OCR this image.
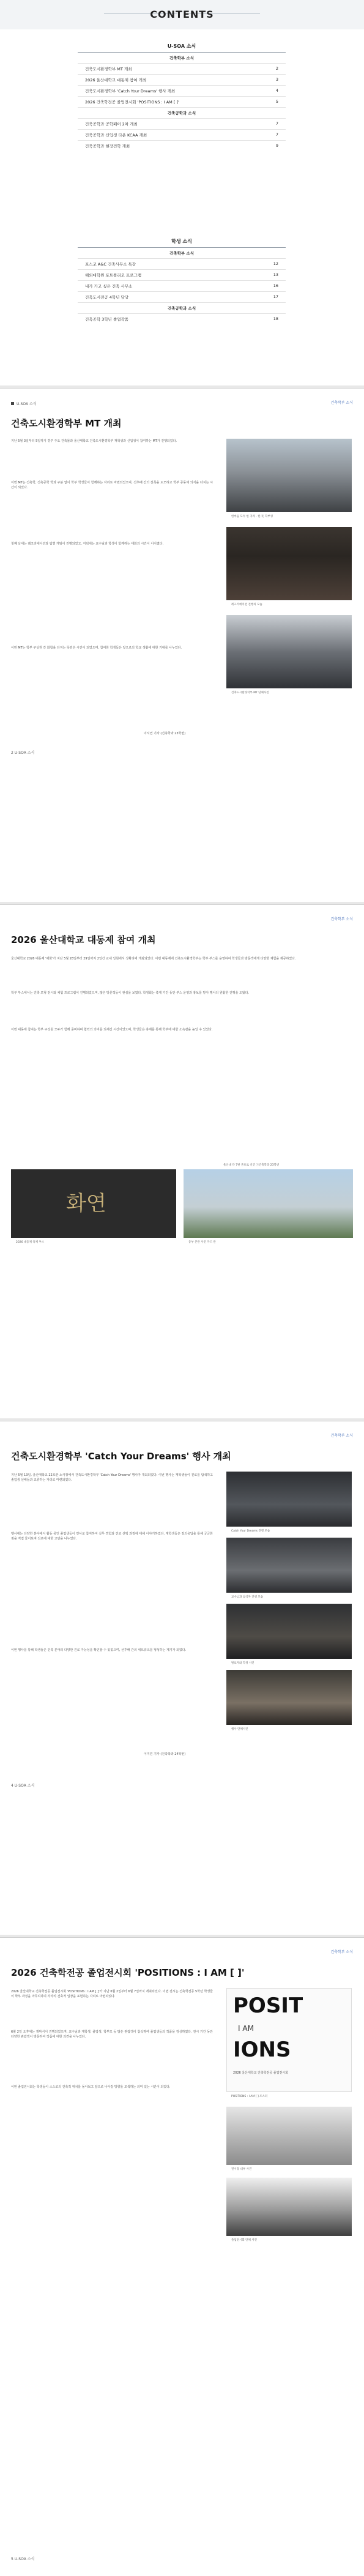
CONTENTS
U-SOA 소식
건축학부 소식
건축도시환경학부 MT 개최	2
2026 울산대학교 대동제 참여 개최	3
건축도시환경학부 'Catch Your Dreams' 행사 개최	4
2026 건축학전공 졸업전시회 'POSITIONS : I AM [ ]'	5
건축공학과 소식
건축공학과 공학페어 2차 개최	7
건축공학과 신입생 다운 KCAA 개최	7
건축공학과 현장견학 개최	9
학생 소식
건축학부 소식
포스코 A&C 건축사무소 특강	12
해외대학원 포트폴리오 프로그램	13
내가 가고 싶은 건축 사무소	16
건축도시전공 4학년 담당	17
건축공학과 소식
건축공학 3학년 졸업작품	18
U-SOA 소식	건축학부 소식
건축도시환경학부 MT 개최
지난 5월 3일부터 5일까지 경주 주요 건축물과 울산대학교 건축도시환경학부 재학생과 신입생이 참여하는 MT가 진행되었다.
이번 MT는 건축학, 건축공학 학과 구분 없이 학부 학생들이 함께하는 자리로 마련되었으며, 선후배 간의 친목을 도모하고 학부 공동체 의식을 다지는 시간이 되었다.
첫째 날에는 레크리에이션과 팀별 게임이 진행되었고, 저녁에는 교수님과 학생이 함께하는 대화의 시간이 이어졌다.
이번 MT는 학부 구성원 간 화합을 다지는 뜻깊은 시간이 되었으며, 참여한 학생들은 앞으로의 학교 생활에 대한 기대를 나누었다.
한마음 모두 한 자리 · 한 뜻 학부생
레크리에이션 진행의 모습
건축도시환경학부 MT 단체사진
이서연 기자 (건축학과 23학번)
2 U-SOA 소식
건축학부 소식
2026 울산대학교 대동제 참여 개최
울산대학교 2026 대동제 '해화'가 지난 5월 28일부터 29일까지 2일간 교내 일원에서 성황리에 개최되었다. 이번 대동제에 건축도시환경학부는 학부 부스를 운영하여 학생들과 방문객에게 다양한 체험을 제공하였다.
학부 부스에서는 건축 모형 전시와 체험 프로그램이 진행되었으며, 많은 방문객들이 관심을 보였다. 학생회는 축제 기간 동안 부스 운영과 홍보를 맡아 행사의 원활한 진행을 도왔다.
이번 대동제 참여는 학부 구성원 모두가 함께 준비하며 협력의 의미를 되새긴 시간이었으며, 학생들은 축제를 통해 학부에 대한 소속감을 높일 수 있었다.
울산대 다 7판 본프로 신건 ⓒ건축학과 23학번
화연
2026 대동제 축제 부스	동부 본관 사진 카드 관
건축학부 소식
건축도시환경학부 'Catch Your Dreams' 행사 개최
지난 5월 13일, 울산대학교 22호관 소극장에서 건축도시환경학부 'Catch Your Dreams' 행사가 개최되었다. 이번 행사는 재학생들이 진로를 탐색하고 졸업생 선배들과 교류하는 자리로 마련되었다.
행사에는 다양한 분야에서 활동 중인 졸업생들이 연사로 참여하여 실무 경험과 진로 선택 과정에 대해 이야기하였다. 재학생들은 질의응답을 통해 궁금한 점을 직접 물어보며 진로에 대한 고민을 나누었다.
이번 행사를 통해 학생들은 건축 분야의 다양한 진로 가능성을 확인할 수 있었으며, 선후배 간의 네트워크를 형성하는 계기가 되었다.
Catch Your Dreams 진행 모습
교수님과 참석자 진행 모습
발표자와 학생 사진
행사 단체사진
이지원 기자 (건축학과 24학번)
4 U-SOA 소식
건축학부 소식
2026 건축학전공 졸업전시회 'POSITIONS : I AM [ ]'
2026 울산대학교 건축학전공 졸업전시회 'POSITIONS : I AM [ ]'가 지난 6월 2일부터 6월 7일까지 개최되었다. 이번 전시는 건축학전공 5학년 학생들이 학부 과정을 마무리하며 각자의 건축적 입장을 표현하는 자리로 마련되었다.
6월 2일 오후에는 개막식이 진행되었으며, 교수님과 재학생, 졸업생, 학부모 등 많은 관람객이 참석하여 졸업생들의 작품을 감상하였다. 전시 기간 동안 다양한 관람객이 방문하여 작품에 대한 의견을 나누었다.
이번 졸업전시회는 학생들이 스스로의 건축적 위치를 돌아보고 앞으로 나아갈 방향을 모색하는 의미 있는 시간이 되었다.
POSIT
I AM
IONS
2026 울산대학교 건축학전공 졸업전시회
POSITIONS : I AM [ ] 포스터
전시장 내부 사진
졸업전시회 단체 사진
5 U-SOA 소식
